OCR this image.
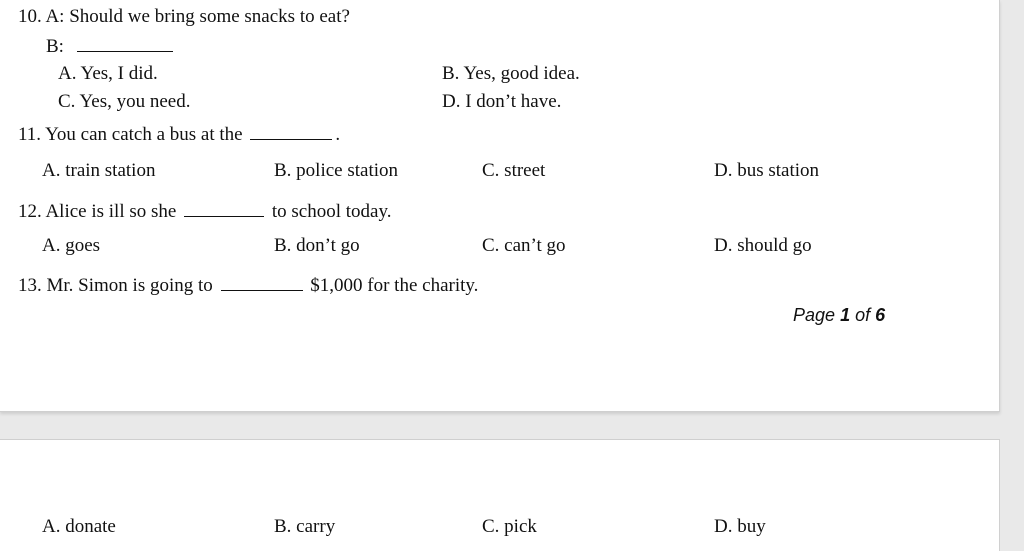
10. A: Should we bring some snacks to eat?
B:
A. Yes, I did.	B. Yes, good idea.
C. Yes, you need.	D. I don’t have.
11. You can catch a bus at the	.
A. train station	B. police station	C. street	D. bus station
12. Alice is ill so she	to school today.
A. goes	B. don’t go	C. can’t go	D. should go
13. Mr. Simon is going to	$1,000 for the charity.
Page 1 of 6
A. donate	B. carry	C. pick	D. buy
